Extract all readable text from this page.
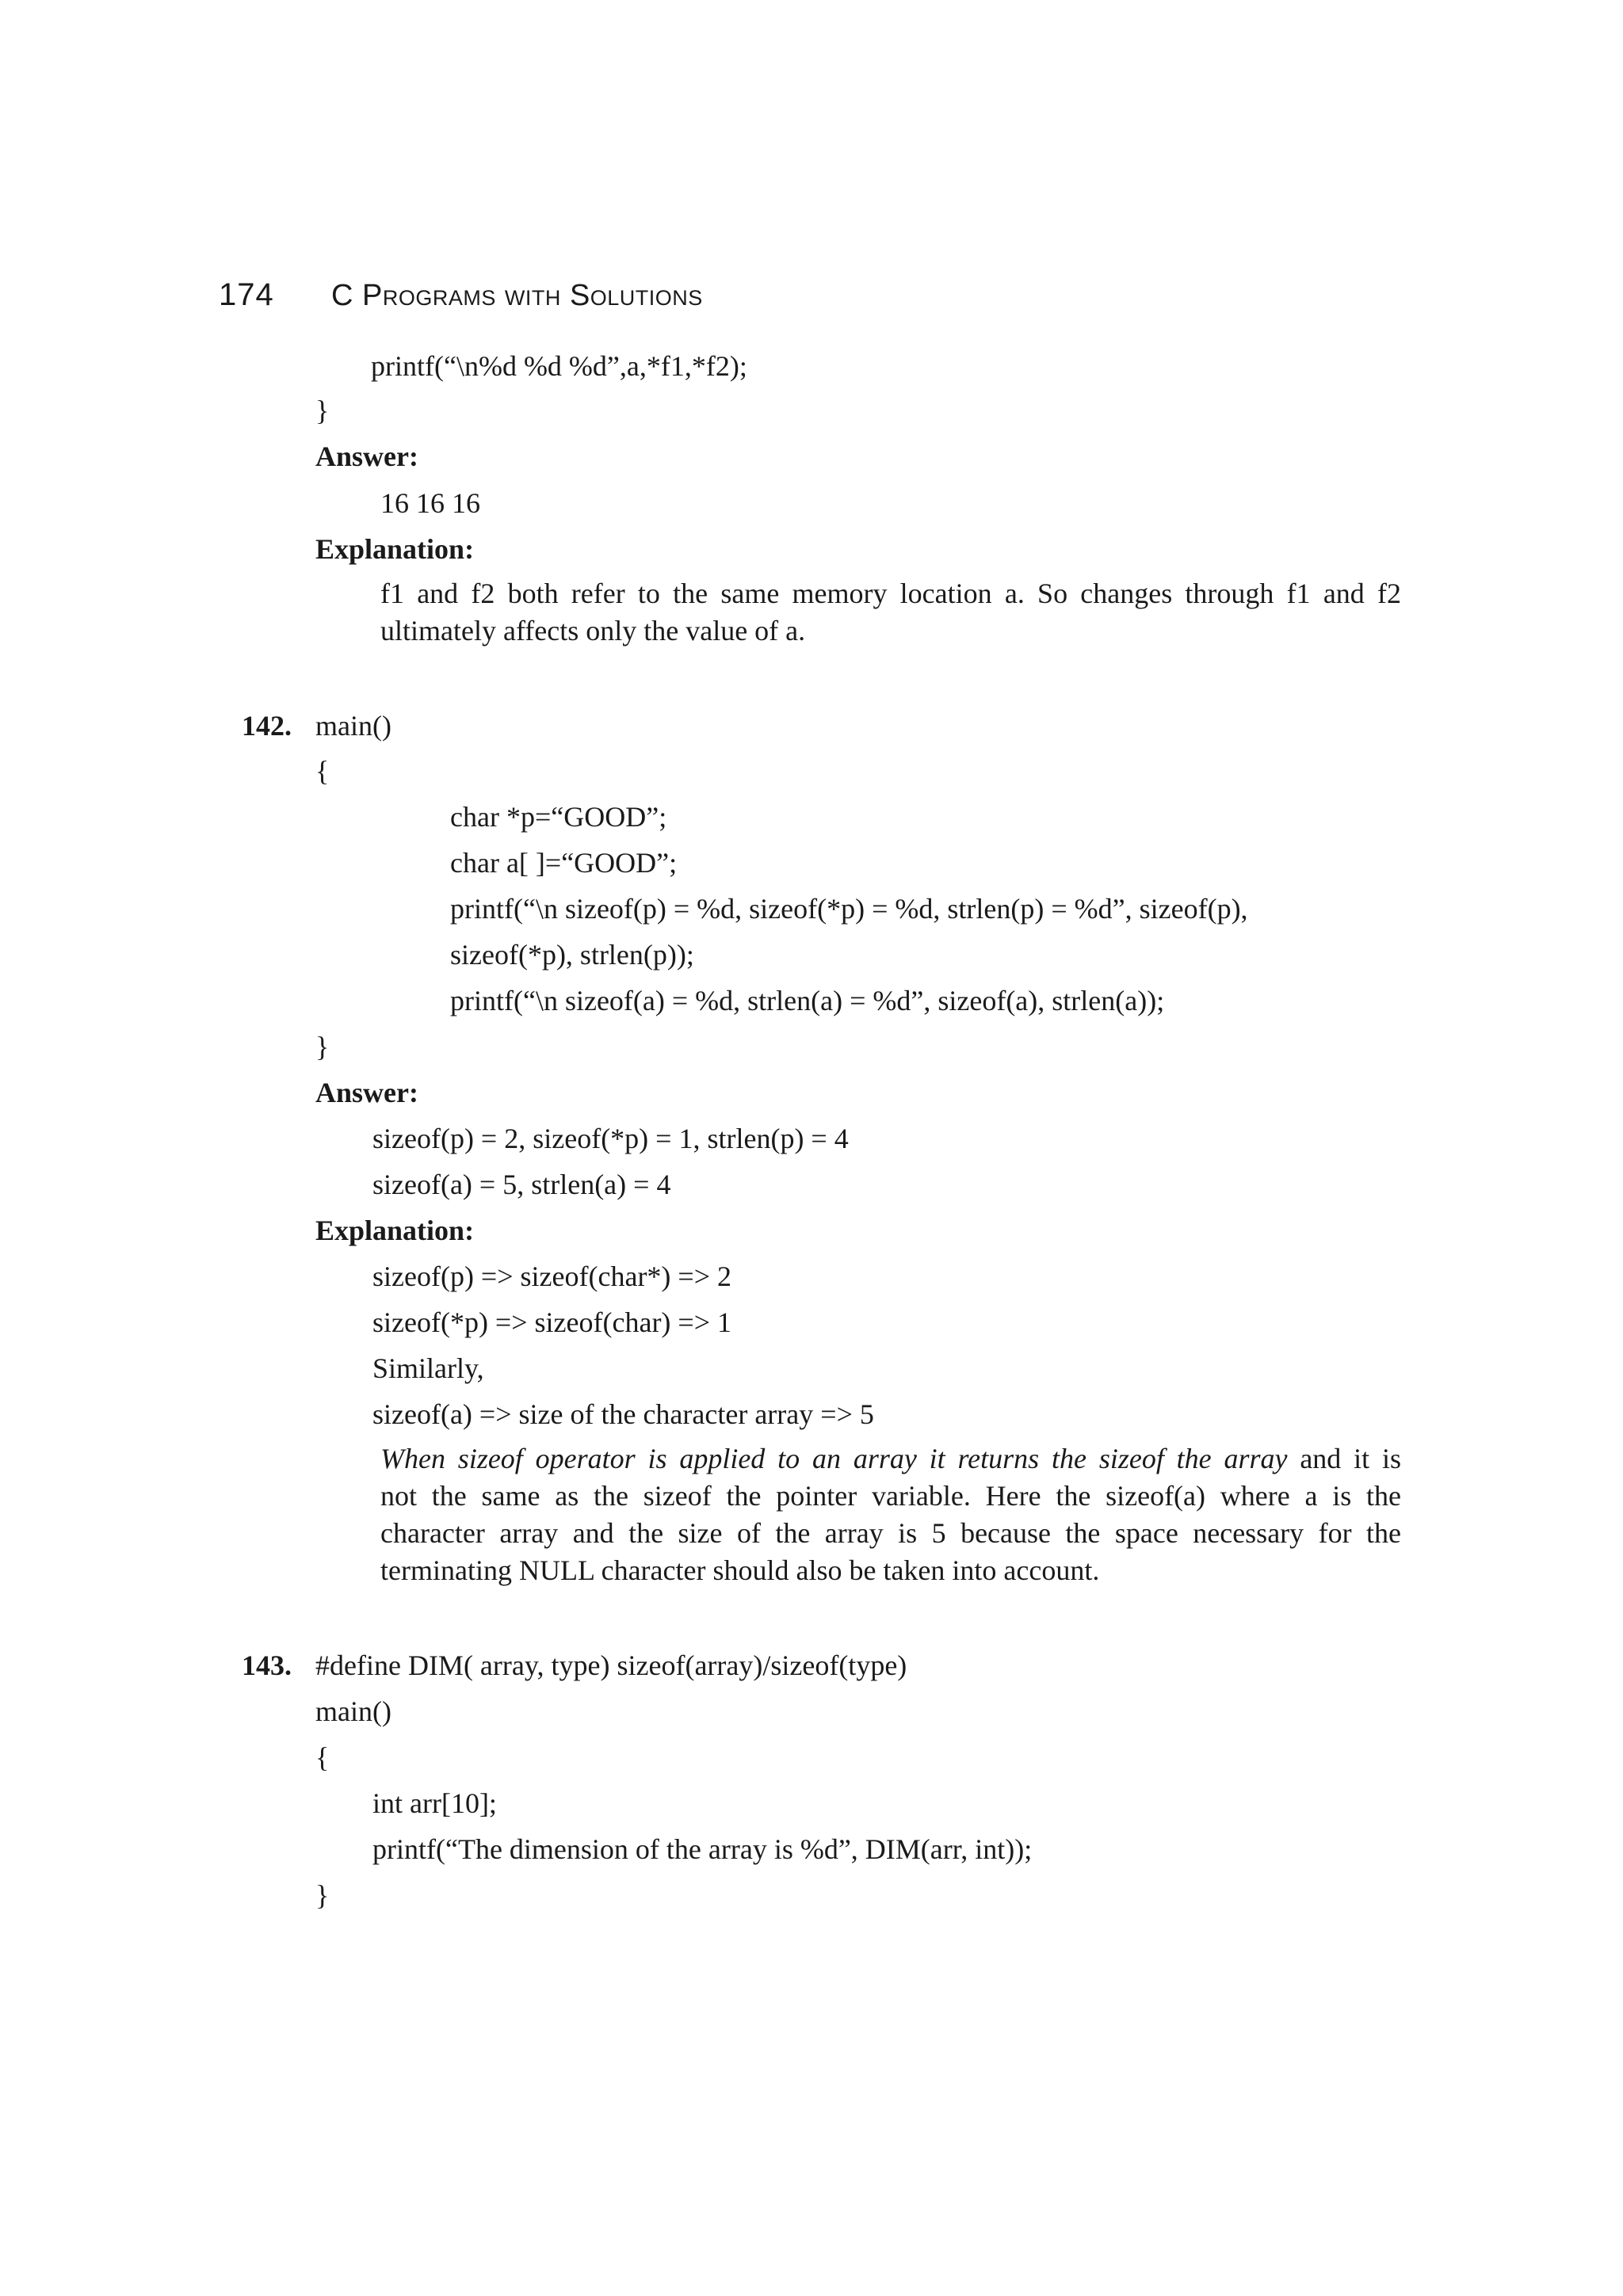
174 C Programs with Solutions
printf(“\n%d %d %d”,a,*f1,*f2);
}
Answer:
16 16 16
Explanation:
f1 and f2 both refer to the same memory location a. So changes through f1 and f2
ultimately affects only the value of a.
142. main()
{
char *p=“GOOD”;
char a[ ]=“GOOD”;
printf(“\n sizeof(p) = %d, sizeof(*p) = %d, strlen(p) = %d”, sizeof(p),
sizeof(*p), strlen(p));
printf(“\n sizeof(a) = %d, strlen(a) = %d”, sizeof(a), strlen(a));
}
Answer:
sizeof(p) = 2, sizeof(*p) = 1, strlen(p) = 4
sizeof(a) = 5, strlen(a) = 4
Explanation:
sizeof(p) => sizeof(char*) => 2
sizeof(*p) => sizeof(char) => 1
Similarly,
sizeof(a) => size of the character array => 5
When sizeof operator is applied to an array it returns the sizeof the array and it is
not the same as the sizeof the pointer variable. Here the sizeof(a) where a is the
character array and the size of the array is 5 because the space necessary for the
terminating NULL character should also be taken into account.
143. #define DIM( array, type) sizeof(array)/sizeof(type)
main()
{
int arr[10];
printf(“The dimension of the array is %d”, DIM(arr, int));
}
